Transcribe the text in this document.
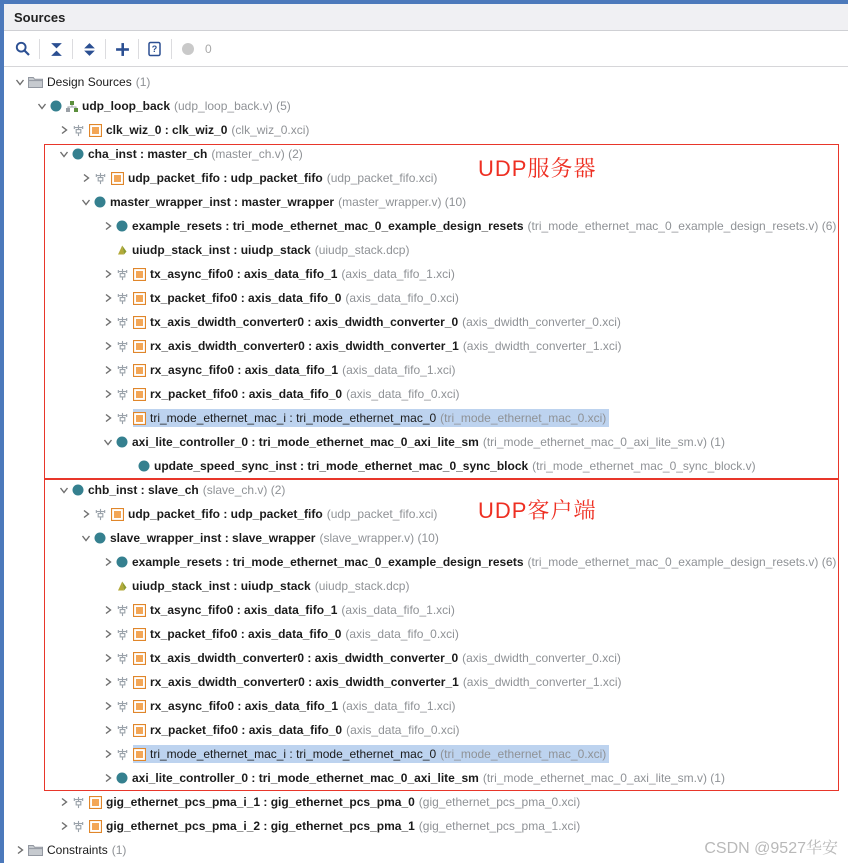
Sources
?	0
Design Sources (1)
udp_loop_back (udp_loop_back.v) (5)
clk_wiz_0 : clk_wiz_0 (clk_wiz_0.xci)
cha_inst : master_ch (master_ch.v) (2)
udp_packet_fifo : udp_packet_fifo (udp_packet_fifo.xci)
master_wrapper_inst : master_wrapper (master_wrapper.v) (10)
example_resets : tri_mode_ethernet_mac_0_example_design_resets (tri_mode_ethernet_mac_0_example_design_resets.v) (6)
uiudp_stack_inst : uiudp_stack (uiudp_stack.dcp)
tx_async_fifo0 : axis_data_fifo_1 (axis_data_fifo_1.xci)
tx_packet_fifo0 : axis_data_fifo_0 (axis_data_fifo_0.xci)
tx_axis_dwidth_converter0 : axis_dwidth_converter_0 (axis_dwidth_converter_0.xci)
rx_axis_dwidth_converter0 : axis_dwidth_converter_1 (axis_dwidth_converter_1.xci)
rx_async_fifo0 : axis_data_fifo_1 (axis_data_fifo_1.xci)
rx_packet_fifo0 : axis_data_fifo_0 (axis_data_fifo_0.xci)
tri_mode_ethernet_mac_i : tri_mode_ethernet_mac_0 (tri_mode_ethernet_mac_0.xci)
axi_lite_controller_0 : tri_mode_ethernet_mac_0_axi_lite_sm (tri_mode_ethernet_mac_0_axi_lite_sm.v) (1)
update_speed_sync_inst : tri_mode_ethernet_mac_0_sync_block (tri_mode_ethernet_mac_0_sync_block.v)
chb_inst : slave_ch (slave_ch.v) (2)
udp_packet_fifo : udp_packet_fifo (udp_packet_fifo.xci)
slave_wrapper_inst : slave_wrapper (slave_wrapper.v) (10)
example_resets : tri_mode_ethernet_mac_0_example_design_resets (tri_mode_ethernet_mac_0_example_design_resets.v) (6)
uiudp_stack_inst : uiudp_stack (uiudp_stack.dcp)
tx_async_fifo0 : axis_data_fifo_1 (axis_data_fifo_1.xci)
tx_packet_fifo0 : axis_data_fifo_0 (axis_data_fifo_0.xci)
tx_axis_dwidth_converter0 : axis_dwidth_converter_0 (axis_dwidth_converter_0.xci)
rx_axis_dwidth_converter0 : axis_dwidth_converter_1 (axis_dwidth_converter_1.xci)
rx_async_fifo0 : axis_data_fifo_1 (axis_data_fifo_1.xci)
rx_packet_fifo0 : axis_data_fifo_0 (axis_data_fifo_0.xci)
tri_mode_ethernet_mac_i : tri_mode_ethernet_mac_0 (tri_mode_ethernet_mac_0.xci)
axi_lite_controller_0 : tri_mode_ethernet_mac_0_axi_lite_sm (tri_mode_ethernet_mac_0_axi_lite_sm.v) (1)
gig_ethernet_pcs_pma_i_1 : gig_ethernet_pcs_pma_0 (gig_ethernet_pcs_pma_0.xci)
gig_ethernet_pcs_pma_i_2 : gig_ethernet_pcs_pma_1 (gig_ethernet_pcs_pma_1.xci)
Constraints (1)
UDP服务器
UDP客户端
CSDN @9527华安
